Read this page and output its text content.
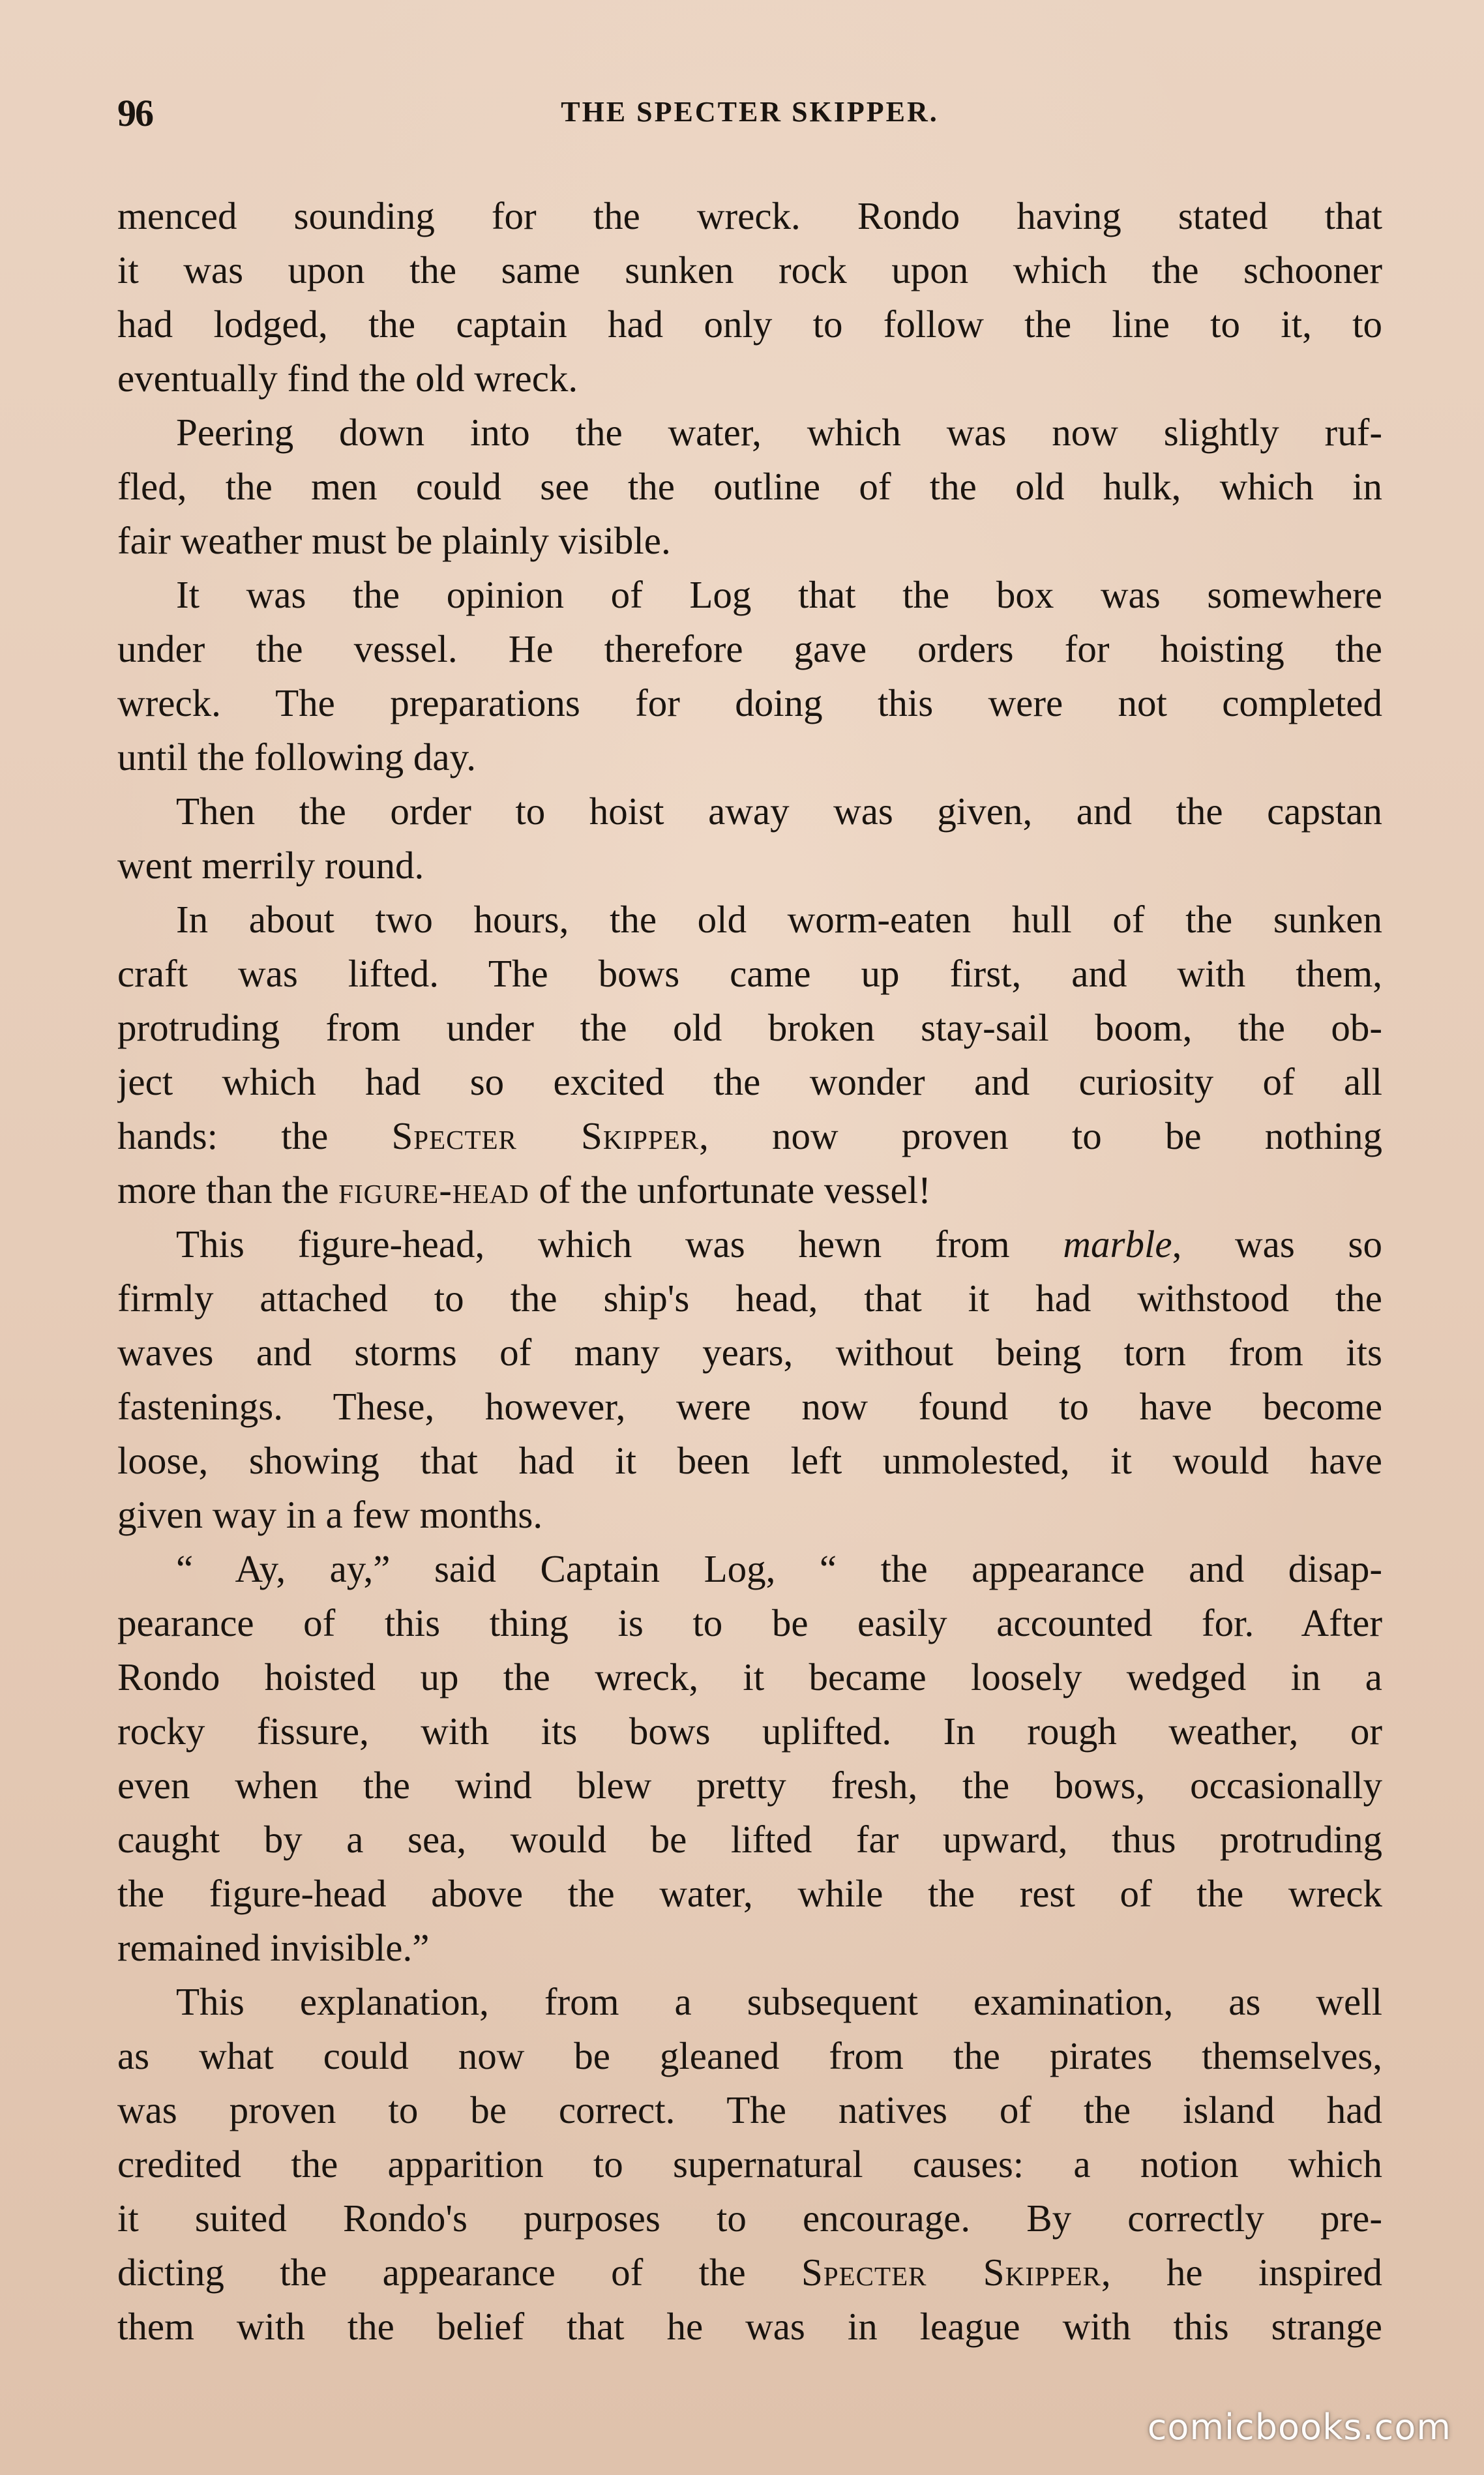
96	THE SPECTER SKIPPER.
menced sounding for the wreck. Rondo having stated that
it was upon the same sunken rock upon which the schooner
had lodged, the captain had only to follow the line to it, to
eventually find the old wreck.
Peering down into the water, which was now slightly ruf-
fled, the men could see the outline of the old hulk, which in
fair weather must be plainly visible.
It was the opinion of Log that the box was somewhere
under the vessel. He therefore gave orders for hoisting the
wreck. The preparations for doing this were not completed
until the following day.
Then the order to hoist away was given, and the capstan
went merrily round.
In about two hours, the old worm-eaten hull of the sunken
craft was lifted. The bows came up first, and with them,
protruding from under the old broken stay-sail boom, the ob-
ject which had so excited the wonder and curiosity of all
hands: the Specter Skipper, now proven to be nothing
more than the figure-head of the unfortunate vessel!
This figure-head, which was hewn from marble, was so
firmly attached to the ship's head, that it had withstood the
waves and storms of many years, without being torn from its
fastenings. These, however, were now found to have become
loose, showing that had it been left unmolested, it would have
given way in a few months.
“ Ay, ay,” said Captain Log, “ the appearance and disap-
pearance of this thing is to be easily accounted for. After
Rondo hoisted up the wreck, it became loosely wedged in a
rocky fissure, with its bows uplifted. In rough weather, or
even when the wind blew pretty fresh, the bows, occasionally
caught by a sea, would be lifted far upward, thus protruding
the figure-head above the water, while the rest of the wreck
remained invisible.”
This explanation, from a subsequent examination, as well
as what could now be gleaned from the pirates themselves,
was proven to be correct. The natives of the island had
credited the apparition to supernatural causes: a notion which
it suited Rondo's purposes to encourage. By correctly pre-
dicting the appearance of the Specter Skipper, he inspired
them with the belief that he was in league with this strange
comicbooks.com
